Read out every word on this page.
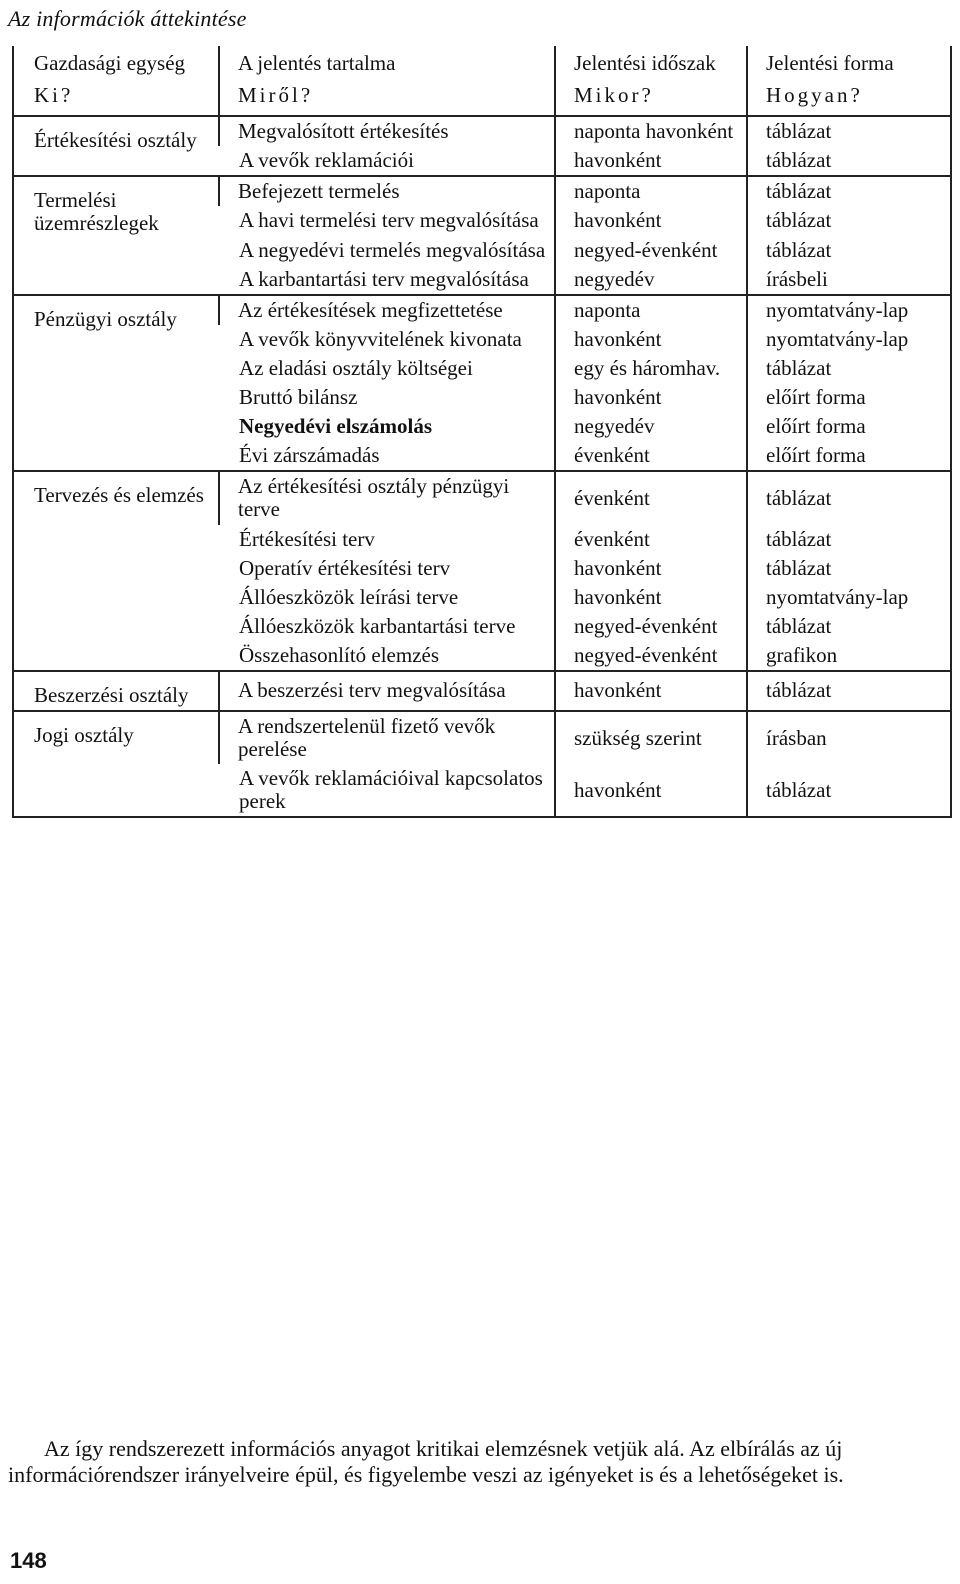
Az információk áttekintése
Gazdasági egység	A jelentés tartalma	Jelentési időszak	Jelentési forma
Ki?	Miről?	Mikor?	Hogyan?
Értékesítési osztály	Megvalósított értékesítés	naponta havonként	táblázat
	A vevők reklamációi	havonként	táblázat
Termelési üzemrészlegek	Befejezett termelés	naponta	táblázat
	A havi termelési terv megvalósítása	havonként	táblázat
	A negyedévi termelés megvalósítása	negyed-évenként	táblázat
	A karbantartási terv megvalósítása	negyedév	írásbeli
Pénzügyi osztály	Az értékesítések megfizettetése	naponta	nyomtatvány-lap
	A vevők könyvvitelének kivonata	havonként	nyomtatvány-lap
	Az eladási osztály költségei	egy és háromhav.	táblázat
	Bruttó bilánsz	havonként	előírt forma
	Negyedévi elszámolás	negyedév	előírt forma
	Évi zárszámadás	évenként	előírt forma
Tervezés és elemzés	Az értékesítési osztály pénzügyi terve	évenként	táblázat
	Értékesítési terv	évenként	táblázat
	Operatív értékesítési terv	havonként	táblázat
	Állóeszközök leírási terve	havonként	nyomtatvány-lap
	Állóeszközök karbantartási terve	negyed-évenként	táblázat
	Összehasonlító elemzés	negyed-évenként	grafikon
Beszerzési osztály	A beszerzési terv megvalósítása	havonként	táblázat
Jogi osztály	A rendszertelenül fizető vevők perelése	szükség szerint	írásban
	A vevők reklamációival kapcsolatos perek	havonként	táblázat

Az így rendszerezett információs anyagot kritikai elemzésnek vetjük alá. Az elbírálás az új információrendszer irányelveire épül, és figyelembe veszi az igényeket is és a lehetőségeket is.

148
